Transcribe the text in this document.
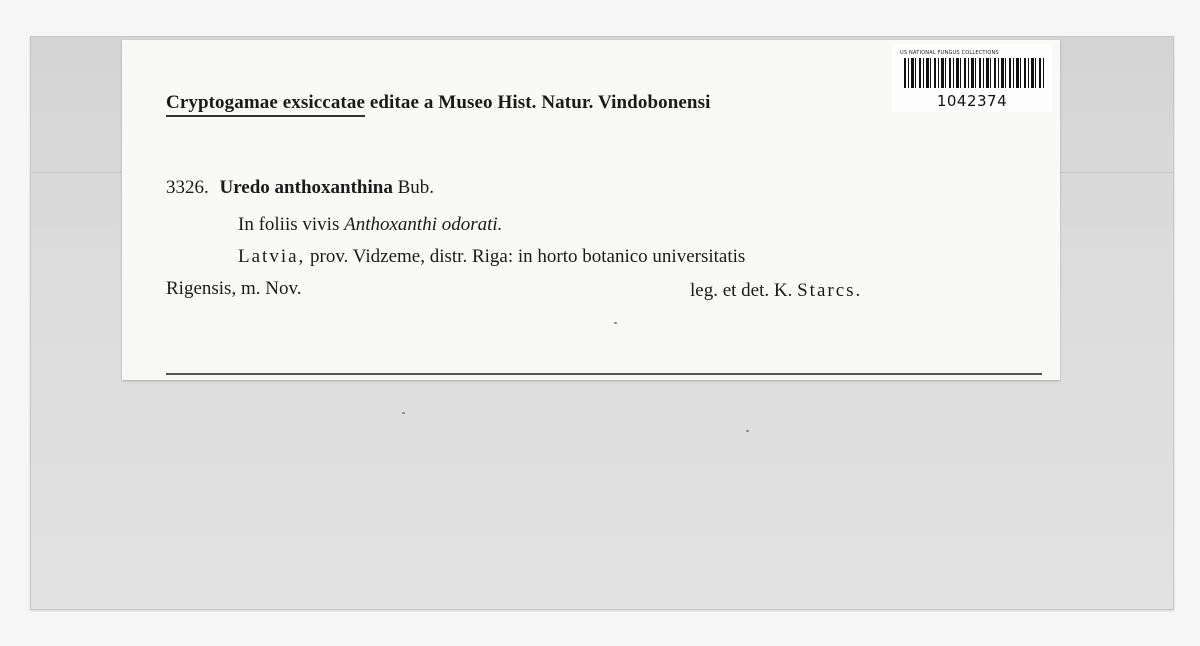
US NATIONAL FUNGUS COLLECTIONS
1042374
Cryptogamae exsiccatae editae a Museo Hist. Natur. Vindobonensi
3326. Uredo anthoxanthina Bub.
In foliis vivis Anthoxanthi odorati.
Latvia, prov. Vidzeme, distr. Riga: in horto botanico universitatis
Rigensis, m. Nov.	leg. et det. K. Starcs.
